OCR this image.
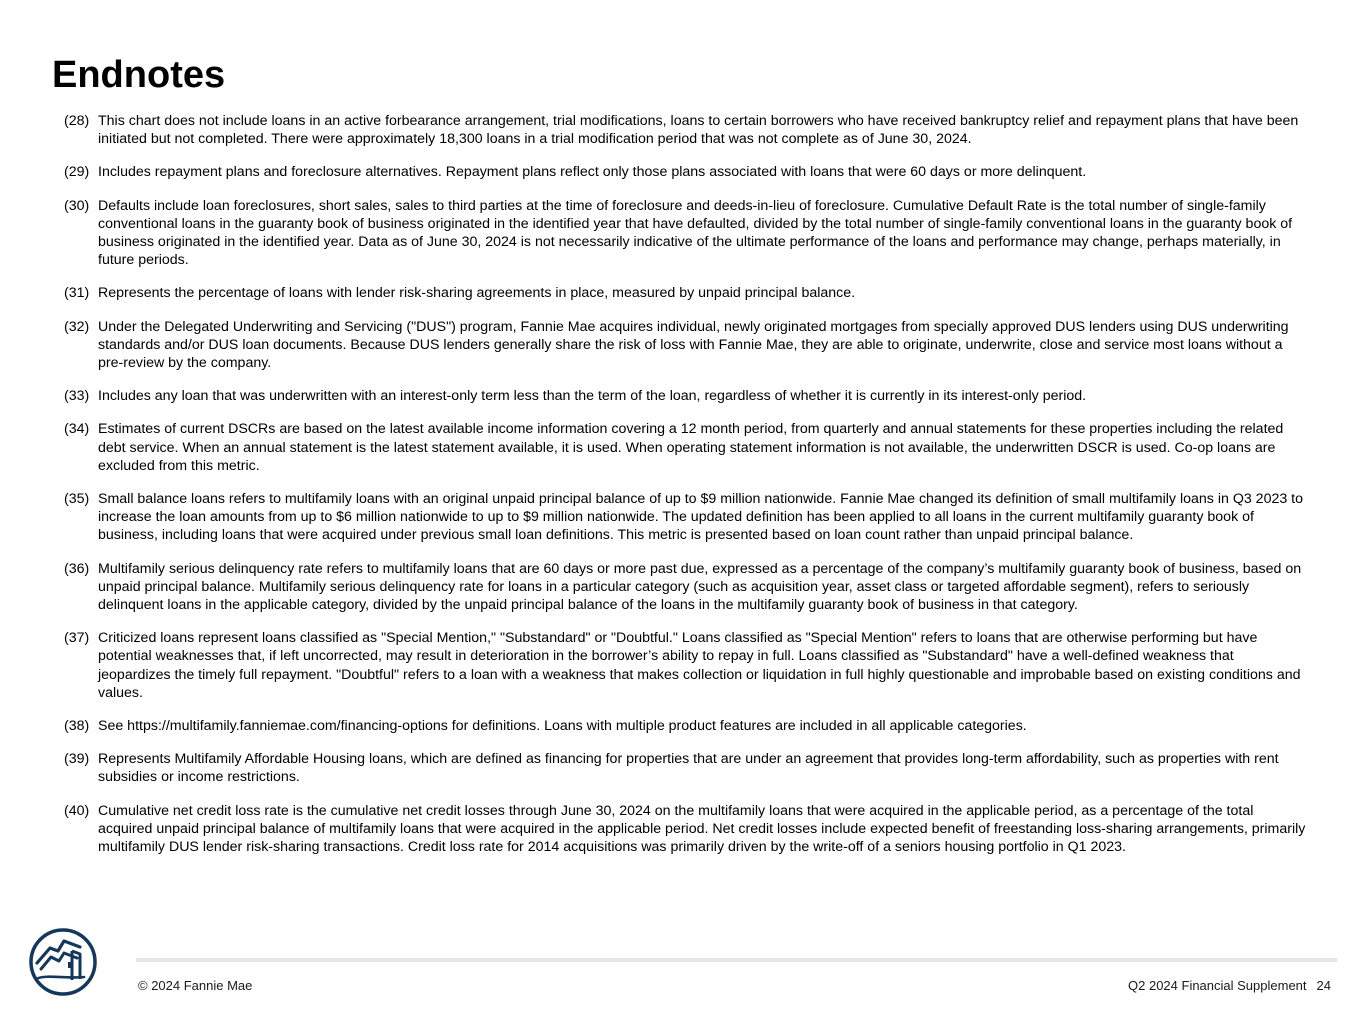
Endnotes
(28) This chart does not include loans in an active forbearance arrangement, trial modifications, loans to certain borrowers who have received bankruptcy relief and repayment plans that have been initiated but not completed. There were approximately 18,300 loans in a trial modification period that was not complete as of June 30, 2024.
(29) Includes repayment plans and foreclosure alternatives. Repayment plans reflect only those plans associated with loans that were 60 days or more delinquent.
(30) Defaults include loan foreclosures, short sales, sales to third parties at the time of foreclosure and deeds-in-lieu of foreclosure. Cumulative Default Rate is the total number of single-family conventional loans in the guaranty book of business originated in the identified year that have defaulted, divided by the total number of single-family conventional loans in the guaranty book of business originated in the identified year. Data as of June 30, 2024 is not necessarily indicative of the ultimate performance of the loans and performance may change, perhaps materially, in future periods.
(31) Represents the percentage of loans with lender risk-sharing agreements in place, measured by unpaid principal balance.
(32) Under the Delegated Underwriting and Servicing ("DUS") program, Fannie Mae acquires individual, newly originated mortgages from specially approved DUS lenders using DUS underwriting standards and/or DUS loan documents. Because DUS lenders generally share the risk of loss with Fannie Mae, they are able to originate, underwrite, close and service most loans without a pre-review by the company.
(33) Includes any loan that was underwritten with an interest-only term less than the term of the loan, regardless of whether it is currently in its interest-only period.
(34) Estimates of current DSCRs are based on the latest available income information covering a 12 month period, from quarterly and annual statements for these properties including the related debt service. When an annual statement is the latest statement available, it is used. When operating statement information is not available, the underwritten DSCR is used. Co-op loans are excluded from this metric.
(35) Small balance loans refers to multifamily loans with an original unpaid principal balance of up to $9 million nationwide. Fannie Mae changed its definition of small multifamily loans in Q3 2023 to increase the loan amounts from up to $6 million nationwide to up to $9 million nationwide. The updated definition has been applied to all loans in the current multifamily guaranty book of business, including loans that were acquired under previous small loan definitions. This metric is presented based on loan count rather than unpaid principal balance.
(36) Multifamily serious delinquency rate refers to multifamily loans that are 60 days or more past due, expressed as a percentage of the company’s multifamily guaranty book of business, based on unpaid principal balance. Multifamily serious delinquency rate for loans in a particular category (such as acquisition year, asset class or targeted affordable segment), refers to seriously delinquent loans in the applicable category, divided by the unpaid principal balance of the loans in the multifamily guaranty book of business in that category.
(37) Criticized loans represent loans classified as "Special Mention," "Substandard" or "Doubtful." Loans classified as "Special Mention" refers to loans that are otherwise performing but have potential weaknesses that, if left uncorrected, may result in deterioration in the borrower’s ability to repay in full. Loans classified as "Substandard" have a well-defined weakness that jeopardizes the timely full repayment. "Doubtful" refers to a loan with a weakness that makes collection or liquidation in full highly questionable and improbable based on existing conditions and values.
(38) See https://multifamily.fanniemae.com/financing-options for definitions. Loans with multiple product features are included in all applicable categories.
(39) Represents Multifamily Affordable Housing loans, which are defined as financing for properties that are under an agreement that provides long-term affordability, such as properties with rent subsidies or income restrictions.
(40) Cumulative net credit loss rate is the cumulative net credit losses through June 30, 2024 on the multifamily loans that were acquired in the applicable period, as a percentage of the total acquired unpaid principal balance of multifamily loans that were acquired in the applicable period. Net credit losses include expected benefit of freestanding loss-sharing arrangements, primarily multifamily DUS lender risk-sharing transactions. Credit loss rate for 2014 acquisitions was primarily driven by the write-off of a seniors housing portfolio in Q1 2023.
© 2024 Fannie Mae	Q2 2024 Financial Supplement 24
